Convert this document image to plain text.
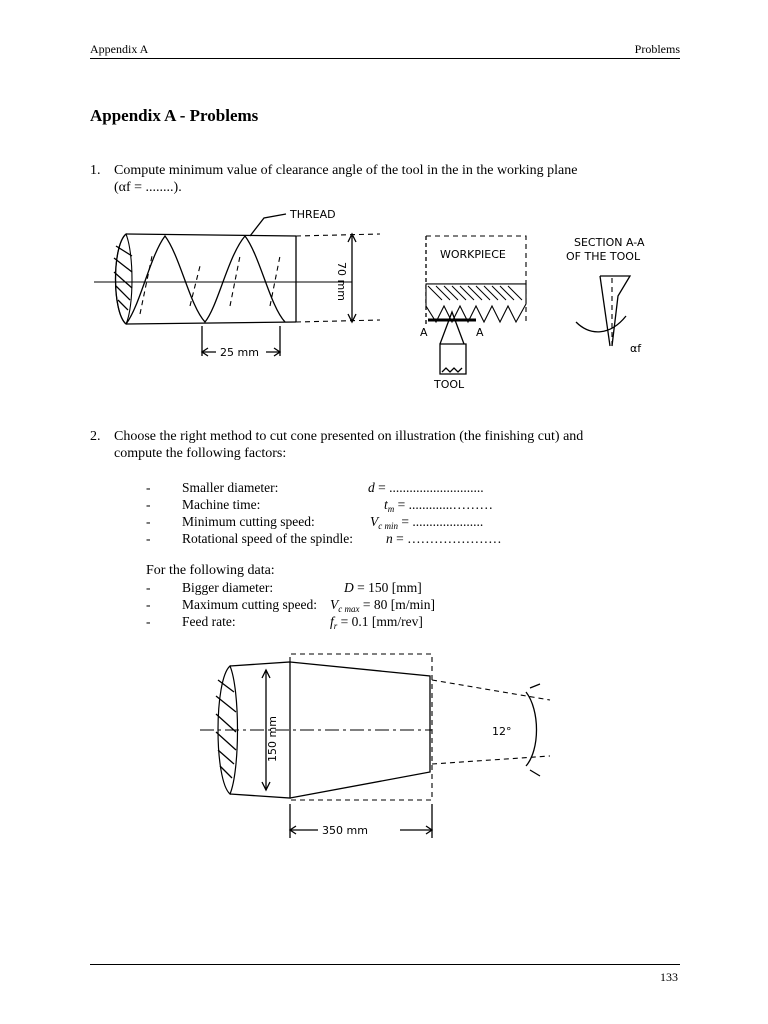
Appendix A	Problems
Appendix A - Problems
1. Compute minimum value of clearance angle of the tool in the in the working plane
(αf = ........).
THREAD
70 mm
25 mm
WORKPIECE
A	A
TOOL
SECTION A-A
OF THE TOOL
αf
2. Choose the right method to cut cone presented on illustration (the finishing cut) and
compute the following factors:
- Smaller diameter:	d = ............................
- Machine time:	$t_m$ = .............………
- Minimum cutting speed:	$V_{c min}$ = .....................
- Rotational speed of the spindle: n = …………………
For the following data:
- Bigger diameter:	D = 150 [mm]
- Maximum cutting speed: $V_{c max} = 80$ [m/min]
- Feed rate:	$f_r = 0.1$ [mm/rev]
12°
150 mm
350 mm
133
